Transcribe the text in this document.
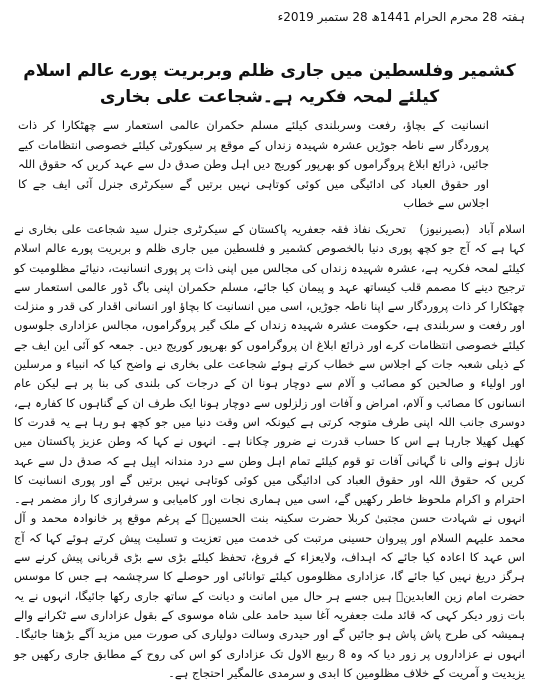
ہفتہ 28 محرم الحرام 1441ھ 28 ستمبر 2019ء
کشمیر وفلسطین میں جاری ظلم وبربریت پورے عالم اسلام کیلئے لمحہ فکریہ ہے۔شجاعت علی بخاری

انسانیت کے بچاؤ، رفعت وسربلندی کیلئے مسلم حکمران عالمی استعمار سے چھٹکارا کر ذات پروردگار سے ناطہ جوڑیں عشرہ شہیدہ زنداں کے موقع پر سیکورٹی کیلئے خصوصی انتظامات کیے جائیں، ذرائع ابلاغ پروگراموں کو بھرپور کوریج دیں اہل وطن صدق دل سے عہد کریں کہ حقوق اللہ اور حقوق العباد کی ادائیگی میں کوئی کوتاہی نہیں برتیں گے سیکرٹری جنرل آئی ایف جے کا اجلاس سے خطاب

اسلام آباد  (بصیرنیوز)   تحریک نفاذ فقہ جعفریہ پاکستان کے سیکرٹری جنرل سید شجاعت علی بخاری نے کہا ہے کہ آج جو کچھ پوری دنیا بالخصوص کشمیر و فلسطین میں جاری ظلم و بربریت پورے عالم اسلام کیلئے لمحہ فکریہ ہے، عشرہ شہیدہ زنداں کی مجالس میں اپنی ذات پر پوری انسانیت، دنیائے مظلومیت کو ترجیح دینے کا مصمم قلب کیساتھ عہد و پیمان کیا جائے، مسلم حکمران اپنی باگ ڈور عالمی استعمار سے چھٹکارا کر ذات پروردگار سے اپنا ناطہ جوڑیں، اسی میں انسانیت کا بچاؤ اور انسانی اقدار کی قدر و منزلت اور رفعت و سربلندی ہے، حکومت عشرہ شہیدہ زنداں کے ملک گیر پروگراموں، مجالس عزاداری جلوسوں کیلئے خصوصی انتظامات کرے اور ذرائع ابلاغ ان پروگراموں کو بھرپور کوریج دیں۔ جمعہ کو آئی این ایف جے کے ذیلی شعبہ جات کے اجلاس سے خطاب کرتے ہوئے شجاعت علی بخاری نے واضح کیا کہ انبیاء و مرسلین اور اولیاء و صالحین کو مصائب و آلام سے دوچار ہونا ان کے درجات کی بلندی کی بنا پر ہے لیکن عام انسانوں کا مصائب و آلام، امراض و آفات اور زلزلوں سے دوچار ہونا ایک طرف ان کے گناہوں کا کفارہ ہے، دوسری جانب اللہ اپنی طرف متوجہ کرتی ہے کیونکہ اس وقت دنیا میں جو کچھ ہو رہا ہے یہ قدرت کا کھیل کھیلا جارہا ہے اس کا حساب قدرت نے ضرور چکانا ہے۔ انہوں نے کہا کہ وطن عزیز پاکستان میں نازل ہونے والی نا گہانی آفات تو قوم کیلئے تمام اہل وطن سے درد مندانہ اپیل ہے کہ صدق دل سے عہد کریں کہ حقوق اللہ اور حقوق العباد کی ادائیگی میں کوئی کوتاہی نہیں برتیں گے اور پوری انسانیت کا احترام و اکرام ملحوظ خاطر رکھیں گے، اسی میں ہماری نجات اور کامیابی و سرفرازی کا راز مضمر ہے۔ انہوں نے شہادت حسن مجتبیٰ کربلا حضرت سکینہ بنت الحسینؑ کے پرغم موقع پر خانوادہ محمد و آل محمد علیہم السلام اور پیروان حسینی مرتبت کی خدمت میں تعزیت و تسلیت پیش کرتے ہوئے کہا کہ آج اس عہد کا اعادہ کیا جائے کہ اہداف، ولایعزاء کے فروغ، تحفظ کیلئے بڑی سے بڑی قربانی پیش کرنے سے ہرگز دریغ نہیں کیا جائے گا، عزاداری مظلوموں کیلئے توانائی اور حوصلے کا سرچشمہ ہے جس کا موسس حضرت امام زین العابدینؑ ہیں جسے ہر حال میں امانت و دیانت کے ساتھ جاری رکھا جائیگا، انہوں نے یہ بات زور دیکر کہی کہ قائد ملت جعفریہ آغا سید حامد علی شاہ موسوی کے بقول عزاداری سے ٹکرانے والے ہمیشہ کی طرح پاش پاش ہو جائیں گے اور حیدری وسالت دولیاری کی صورت میں مزید آگے بڑھتا جائیگا۔ انہوں نے عزاداروں پر زور دیا کہ وہ 8 ربیع الاول تک عزاداری کو اس کی روح کے مطابق جاری رکھیں جو یزیدیت و آمریت کے خلاف مظلومین کا ابدی و سرمدی عالمگیر احتجاج ہے۔
